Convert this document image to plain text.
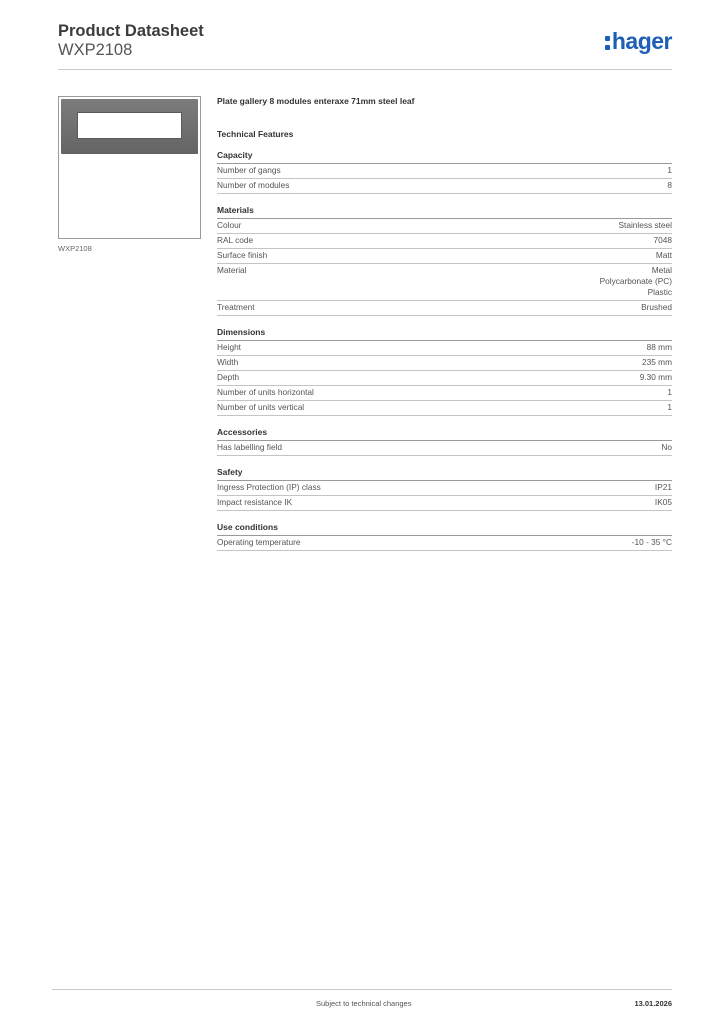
Product Datasheet
WXP2108	hager
WXP2108
Plate gallery 8 modules enteraxe 71mm steel leaf
Technical Features
Capacity
Number of gangs	1
Number of modules	8
Materials
Colour	Stainless steel
RAL code	7048
Surface finish	Matt
Material	Metal
Polycarbonate (PC)
Plastic
Treatment	Brushed
Dimensions
Height	88 mm
Width	235 mm
Depth	9.30 mm
Number of units horizontal	1
Number of units vertical	1
Accessories
Has labelling field	No
Safety
Ingress Protection (IP) class	IP21
Impact resistance IK	IK05
Use conditions
Operating temperature	-10 - 35 °C
Subject to technical changes	13.01.2026
